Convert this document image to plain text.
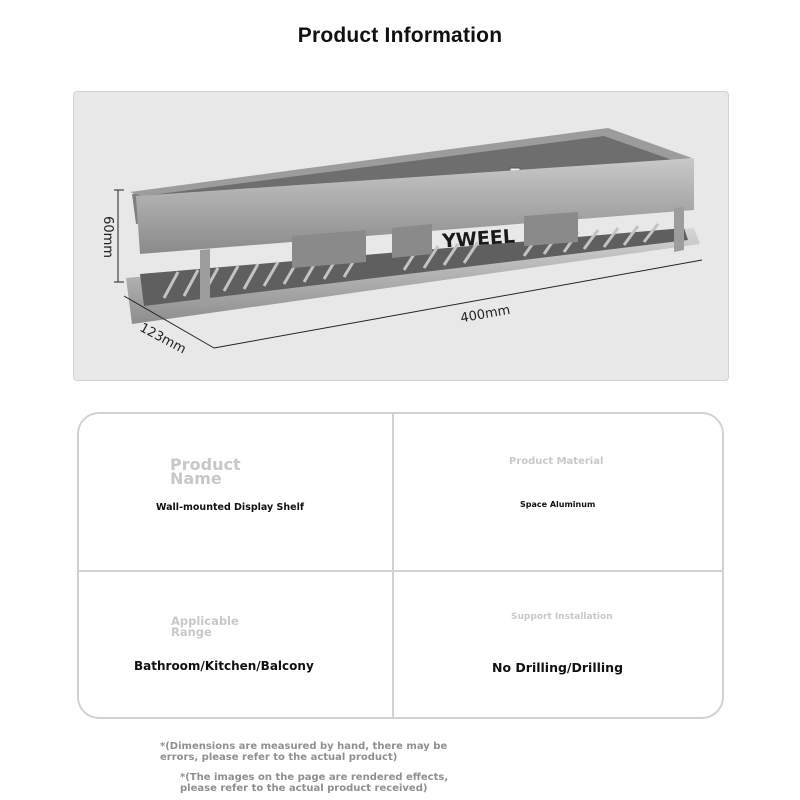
Product Information
YWEEL
60mm
400mm
123mm
Product Name
Wall-mounted Display Shelf
Product Material
Space Aluminum
Applicable Range
Bathroom/Kitchen/Balcony
Support Installation
No Drilling/Drilling
*(Dimensions are measured by hand, there may be errors, please refer to the actual product)
*(The images on the page are rendered effects, please refer to the actual product received)
